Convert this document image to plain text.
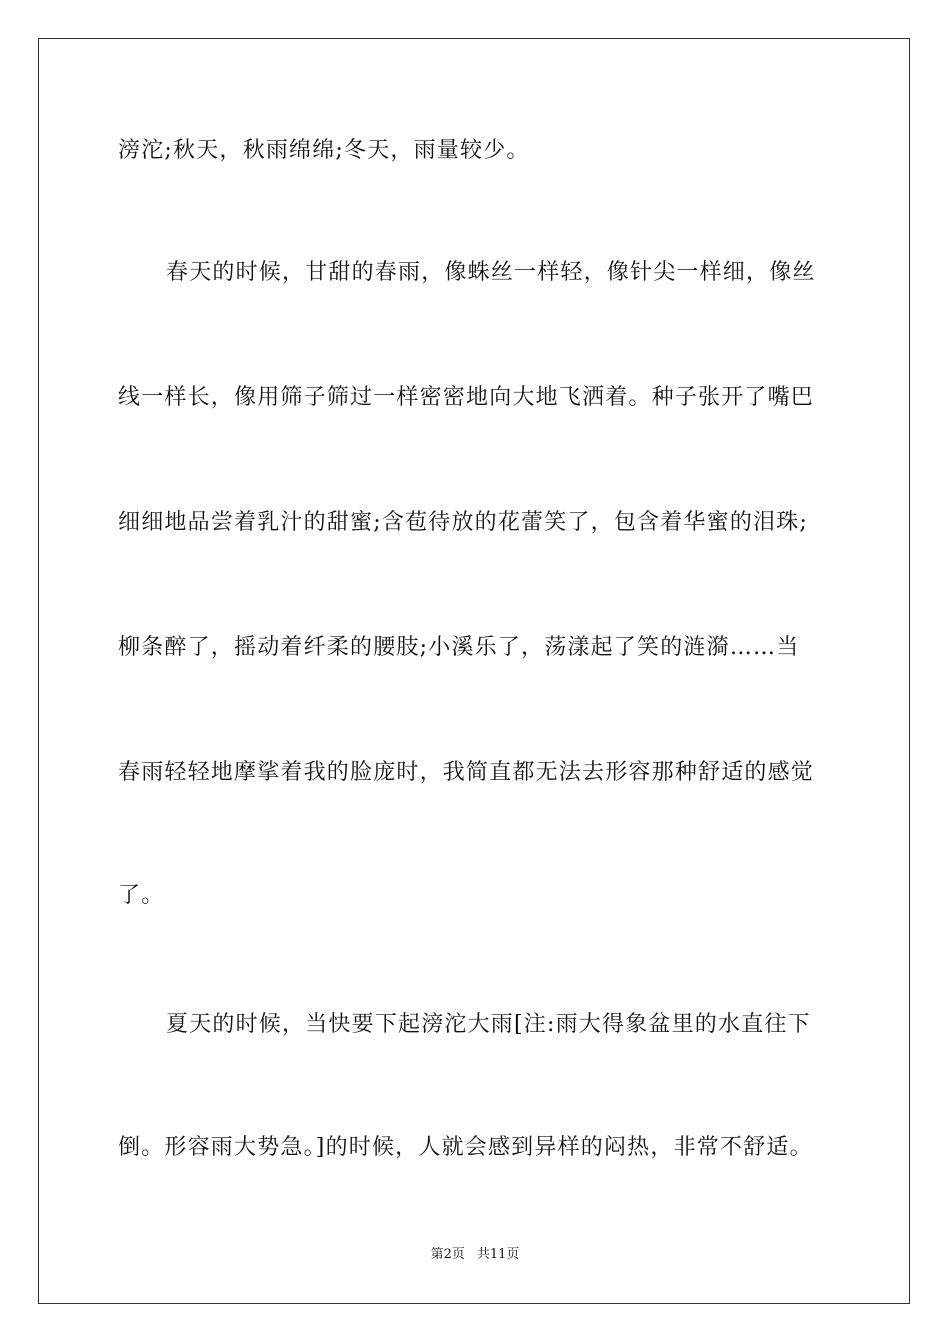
滂沱;秋天，秋雨绵绵;冬天，雨量较少。
春天的时候，甘甜的春雨，像蛛丝一样轻，像针尖一样细，像丝
线一样长，像用筛子筛过一样密密地向大地飞洒着。种子张开了嘴巴
细细地品尝着乳汁的甜蜜;含苞待放的花蕾笑了，包含着华蜜的泪珠;
柳条醉了，摇动着纤柔的腰肢;小溪乐了，荡漾起了笑的涟漪……当
春雨轻轻地摩挲着我的脸庞时，我简直都无法去形容那种舒适的感觉
了。
夏天的时候，当快要下起滂沱大雨[注:雨大得象盆里的水直往下
倒。形容雨大势急。]的时候，人就会感到异样的闷热，非常不舒适。
第2页 共11页
